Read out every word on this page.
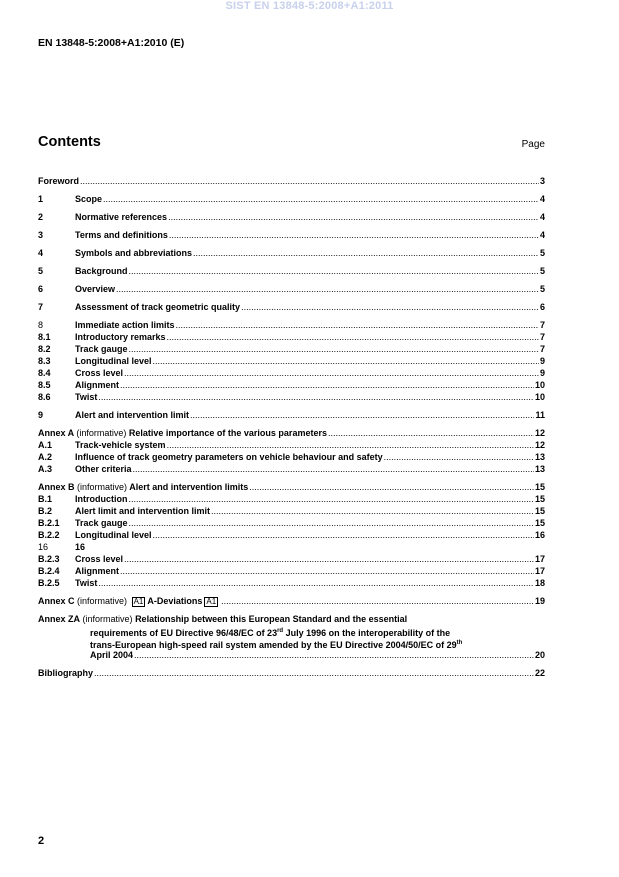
SIST EN 13848-5:2008+A1:2011
EN 13848-5:2008+A1:2010 (E)
Contents	Page
Foreword .....	3
1	Scope .....	4
2	Normative references .....	4
3	Terms and definitions .....	4
4	Symbols and abbreviations .....	5
5	Background .....	5
6	Overview .....	5
7	Assessment of track geometric quality .....	6
8	Immediate action limits .....	7
8.1	Introductory remarks .....	7
8.2	Track gauge .....	7
8.3	Longitudinal level .....	9
8.4	Cross level .....	9
8.5	Alignment .....	10
8.6	Twist .....	10
9	Alert and intervention limit .....	11
Annex A (informative) Relative importance of the various parameters .....	12
A.1	Track-vehicle system .....	12
A.2	Influence of track geometry parameters on vehicle behaviour and safety .....	13
A.3	Other criteria .....	13
Annex B (informative) Alert and intervention limits .....	15
B.1	Introduction .....	15
B.2	Alert limit and intervention limit .....	15
B.2.1	Track gauge .....	15
B.2.2	Longitudinal level .....	16
16	16
B.2.3	Cross level .....	17
B.2.4	Alignment .....	17
B.2.5	Twist .....	18
Annex C (informative) A1 A-Deviations A1 .....	19
Annex ZA
(informative)
Relationship between this European Standard and the essential
requirements of EU Directive 96/48/EC of 23rd July 1996 on the interoperability of the
trans-European high-speed rail system amended by the EU Directive 2004/50/EC of 29th
April 2004 .....	20
Bibliography .....	22
2
